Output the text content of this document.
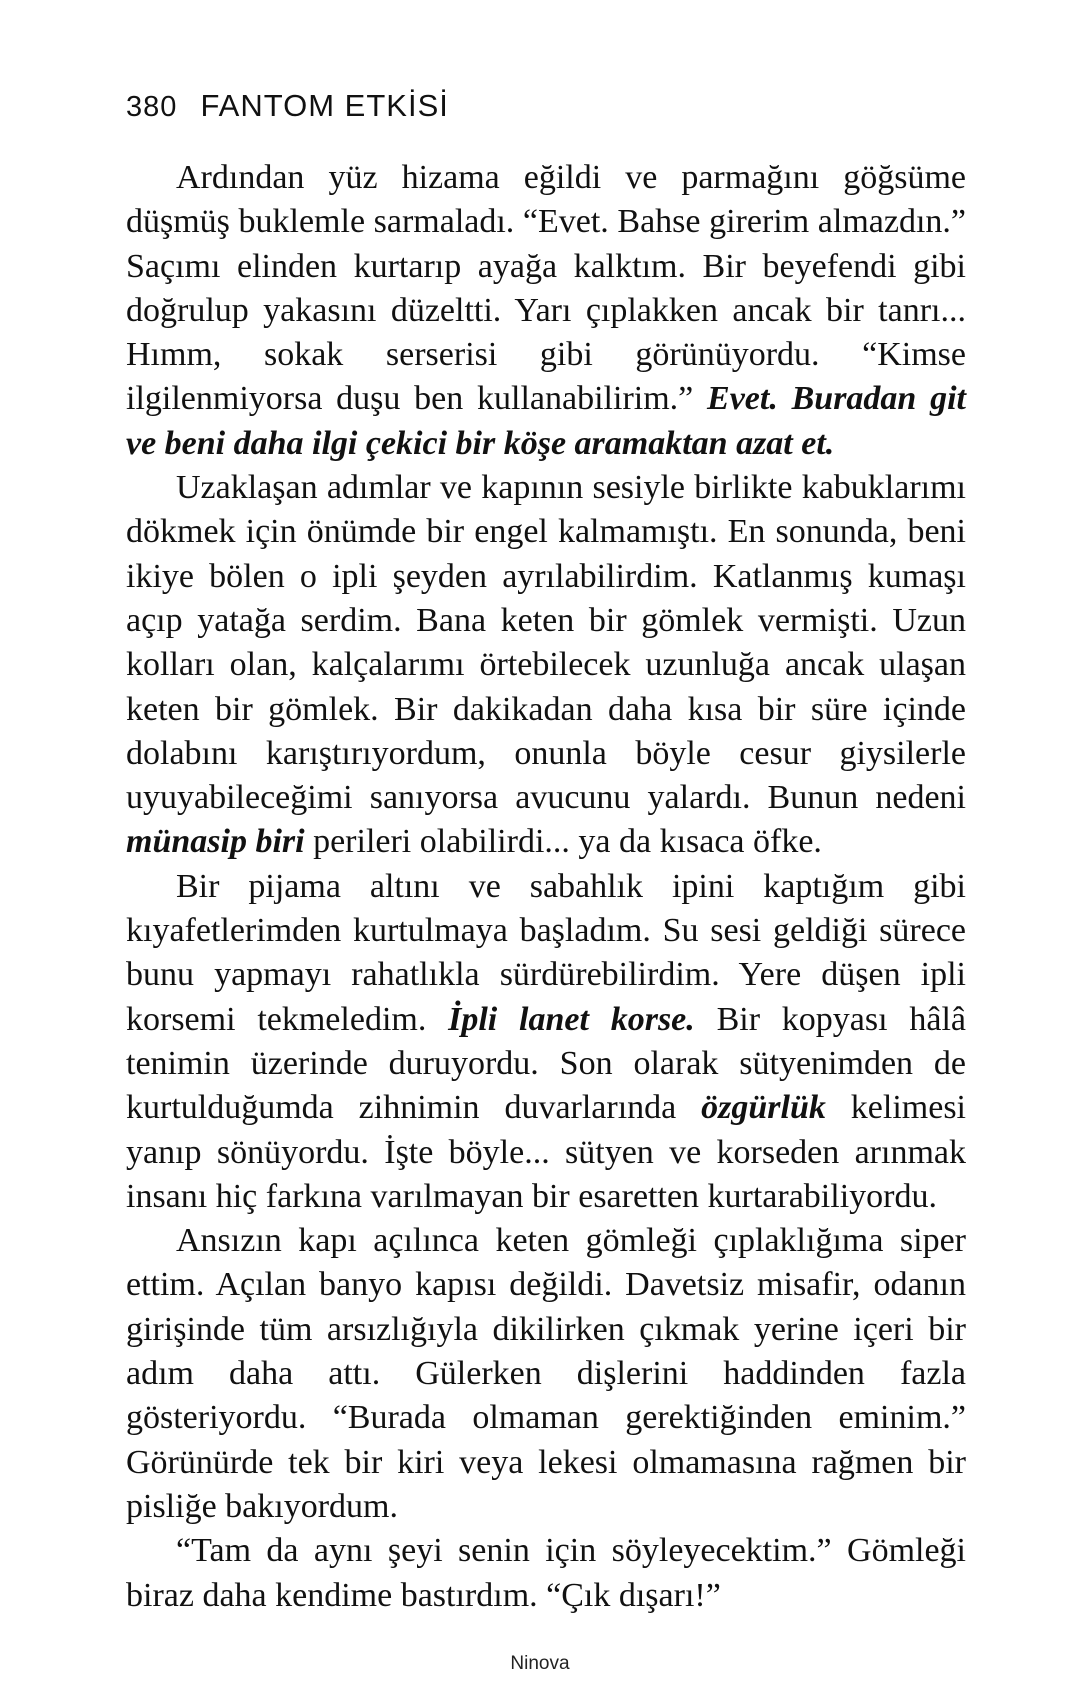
380 FANTOM ETKİSİ

Ardından yüz hizama eğildi ve parmağını göğsüme düşmüş buklemle sarmaladı. “Evet. Bahse girerim almazdın.” Saçımı elinden kurtarıp ayağa kalktım. Bir beyefendi gibi doğrulup yakasını düzeltti. Yarı çıplakken ancak bir tanrı... Hımm, sokak serserisi gibi görünüyordu. “Kimse ilgilenmiyorsa duşu ben kullanabilirim.” Evet. Buradan git ve beni daha ilgi çekici bir köşe aramaktan azat et.

Uzaklaşan adımlar ve kapının sesiyle birlikte kabuklarımı dökmek için önümde bir engel kalmamıştı. En sonunda, beni ikiye bölen o ipli şeyden ayrılabilirdim. Katlanmış kumaşı açıp yatağa serdim. Bana keten bir gömlek vermişti. Uzun kolları olan, kalçalarımı örtebilecek uzunluğa ancak ulaşan keten bir gömlek. Bir dakikadan daha kısa bir süre içinde dolabını karıştırıyordum, onunla böyle cesur giysilerle uyuyabileceğimi sanıyorsa avucunu yalardı. Bunun nedeni münasip biri perileri olabilirdi... ya da kısaca öfke.

Bir pijama altını ve sabahlık ipini kaptığım gibi kıyafetlerimden kurtulmaya başladım. Su sesi geldiği sürece bunu yapmayı rahatlıkla sürdürebilirdim. Yere düşen ipli korsemi tekmeledim. İpli lanet korse. Bir kopyası hâlâ tenimin üzerinde duruyordu. Son olarak sütyenimden de kurtulduğumda zihnimin duvarlarında özgürlük kelimesi yanıp sönüyordu. İşte böyle... sütyen ve korseden arınmak insanı hiç farkına varılmayan bir esaretten kurtarabiliyordu.

Ansızın kapı açılınca keten gömleği çıplaklığıma siper ettim. Açılan banyo kapısı değildi. Davetsiz misafir, odanın girişinde tüm arsızlığıyla dikilirken çıkmak yerine içeri bir adım daha attı. Gülerken dişlerini haddinden fazla gösteriyordu. “Burada olmaman gerektiğinden eminim.” Görünürde tek bir kiri veya lekesi olmamasına rağmen bir pisliğe bakıyordum.

“Tam da aynı şeyi senin için söyleyecektim.” Gömleği biraz daha kendime bastırdım. “Çık dışarı!”

Ninova
